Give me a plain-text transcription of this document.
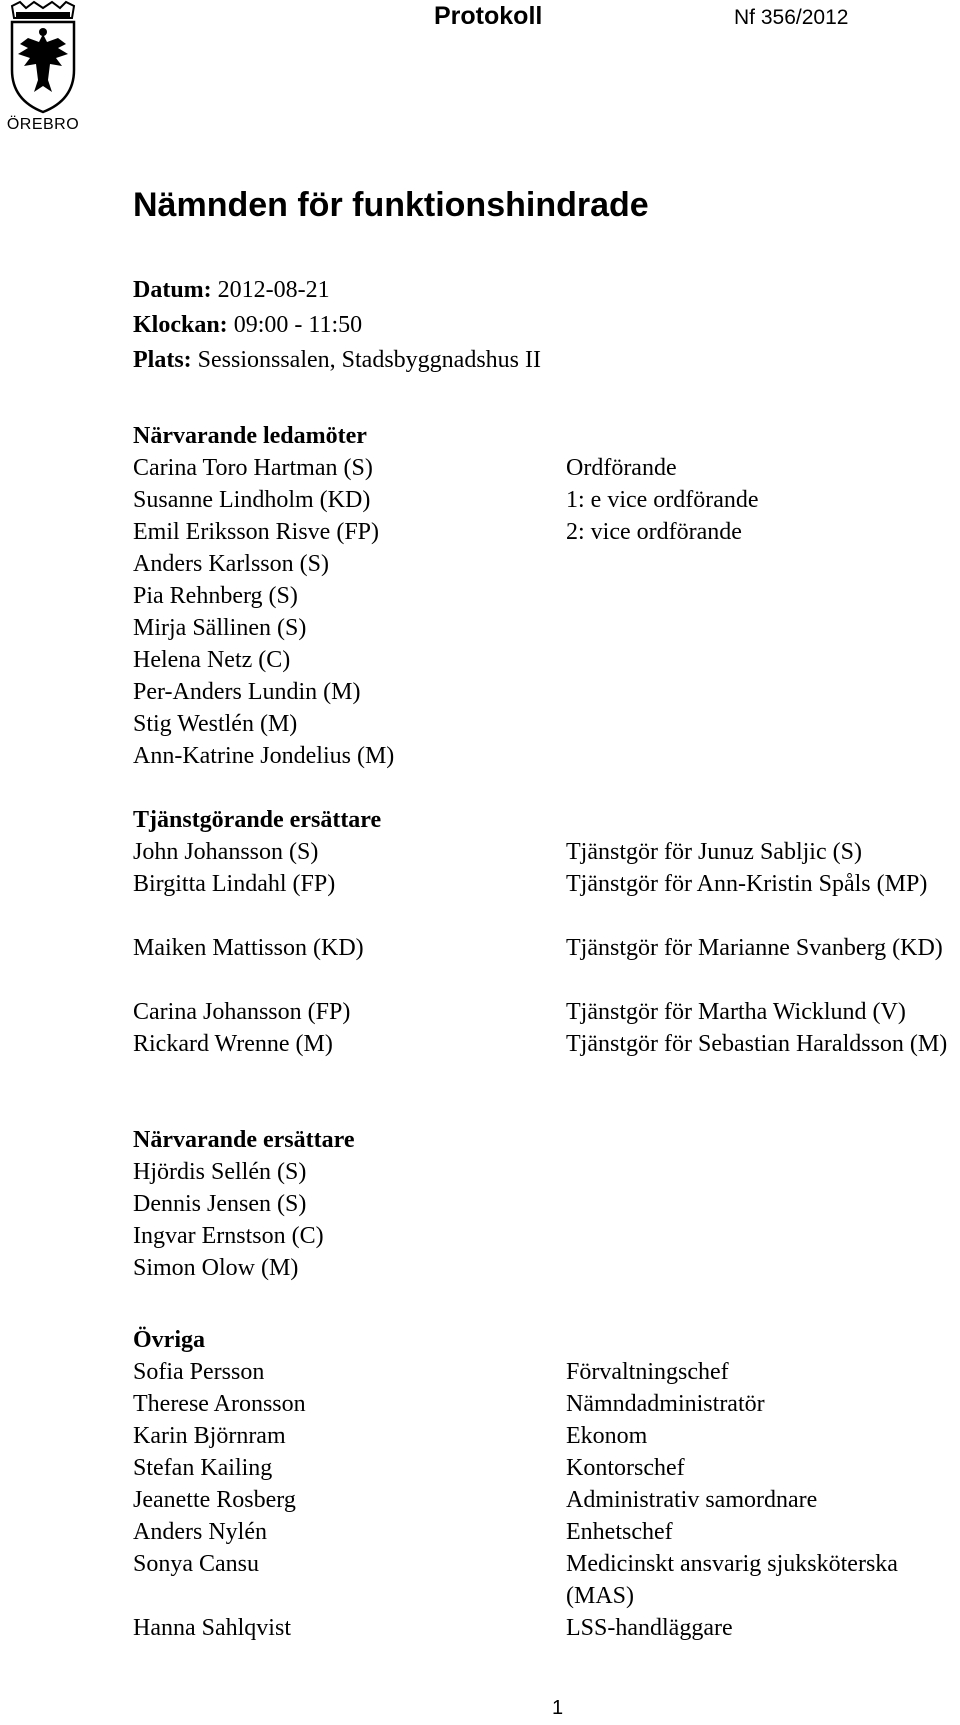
ÖREBRO
Protokoll	Nf 356/2012
Nämnden för funktionshindrade
Datum: 2012-08-21
Klockan: 09:00 - 11:50
Plats: Sessionssalen, Stadsbyggnadshus II
Närvarande ledamöter
Carina Toro Hartman (S)	Ordförande
Susanne Lindholm (KD)	1: e vice ordförande
Emil Eriksson Risve (FP)	2: vice ordförande
Anders Karlsson (S)
Pia Rehnberg (S)
Mirja Sällinen (S)
Helena Netz (C)
Per-Anders Lundin (M)
Stig Westlén (M)
Ann-Katrine Jondelius (M)
Tjänstgörande ersättare
John Johansson (S)	Tjänstgör för Junuz Sabljic (S)
Birgitta Lindahl (FP)	Tjänstgör för Ann-Kristin Spåls (MP)
Maiken Mattisson (KD)	Tjänstgör för Marianne Svanberg (KD)
Carina Johansson (FP)	Tjänstgör för Martha Wicklund (V)
Rickard Wrenne (M)	Tjänstgör för Sebastian Haraldsson (M)
Närvarande ersättare
Hjördis Sellén (S)
Dennis Jensen (S)
Ingvar Ernstson (C)
Simon Olow (M)
Övriga
Sofia Persson	Förvaltningschef
Therese Aronsson	Nämndadministratör
Karin Björnram	Ekonom
Stefan Kailing	Kontorschef
Jeanette Rosberg	Administrativ samordnare
Anders Nylén	Enhetschef
Sonya Cansu	Medicinskt ansvarig sjuksköterska (MAS)
Hanna Sahlqvist	LSS-handläggare
1
